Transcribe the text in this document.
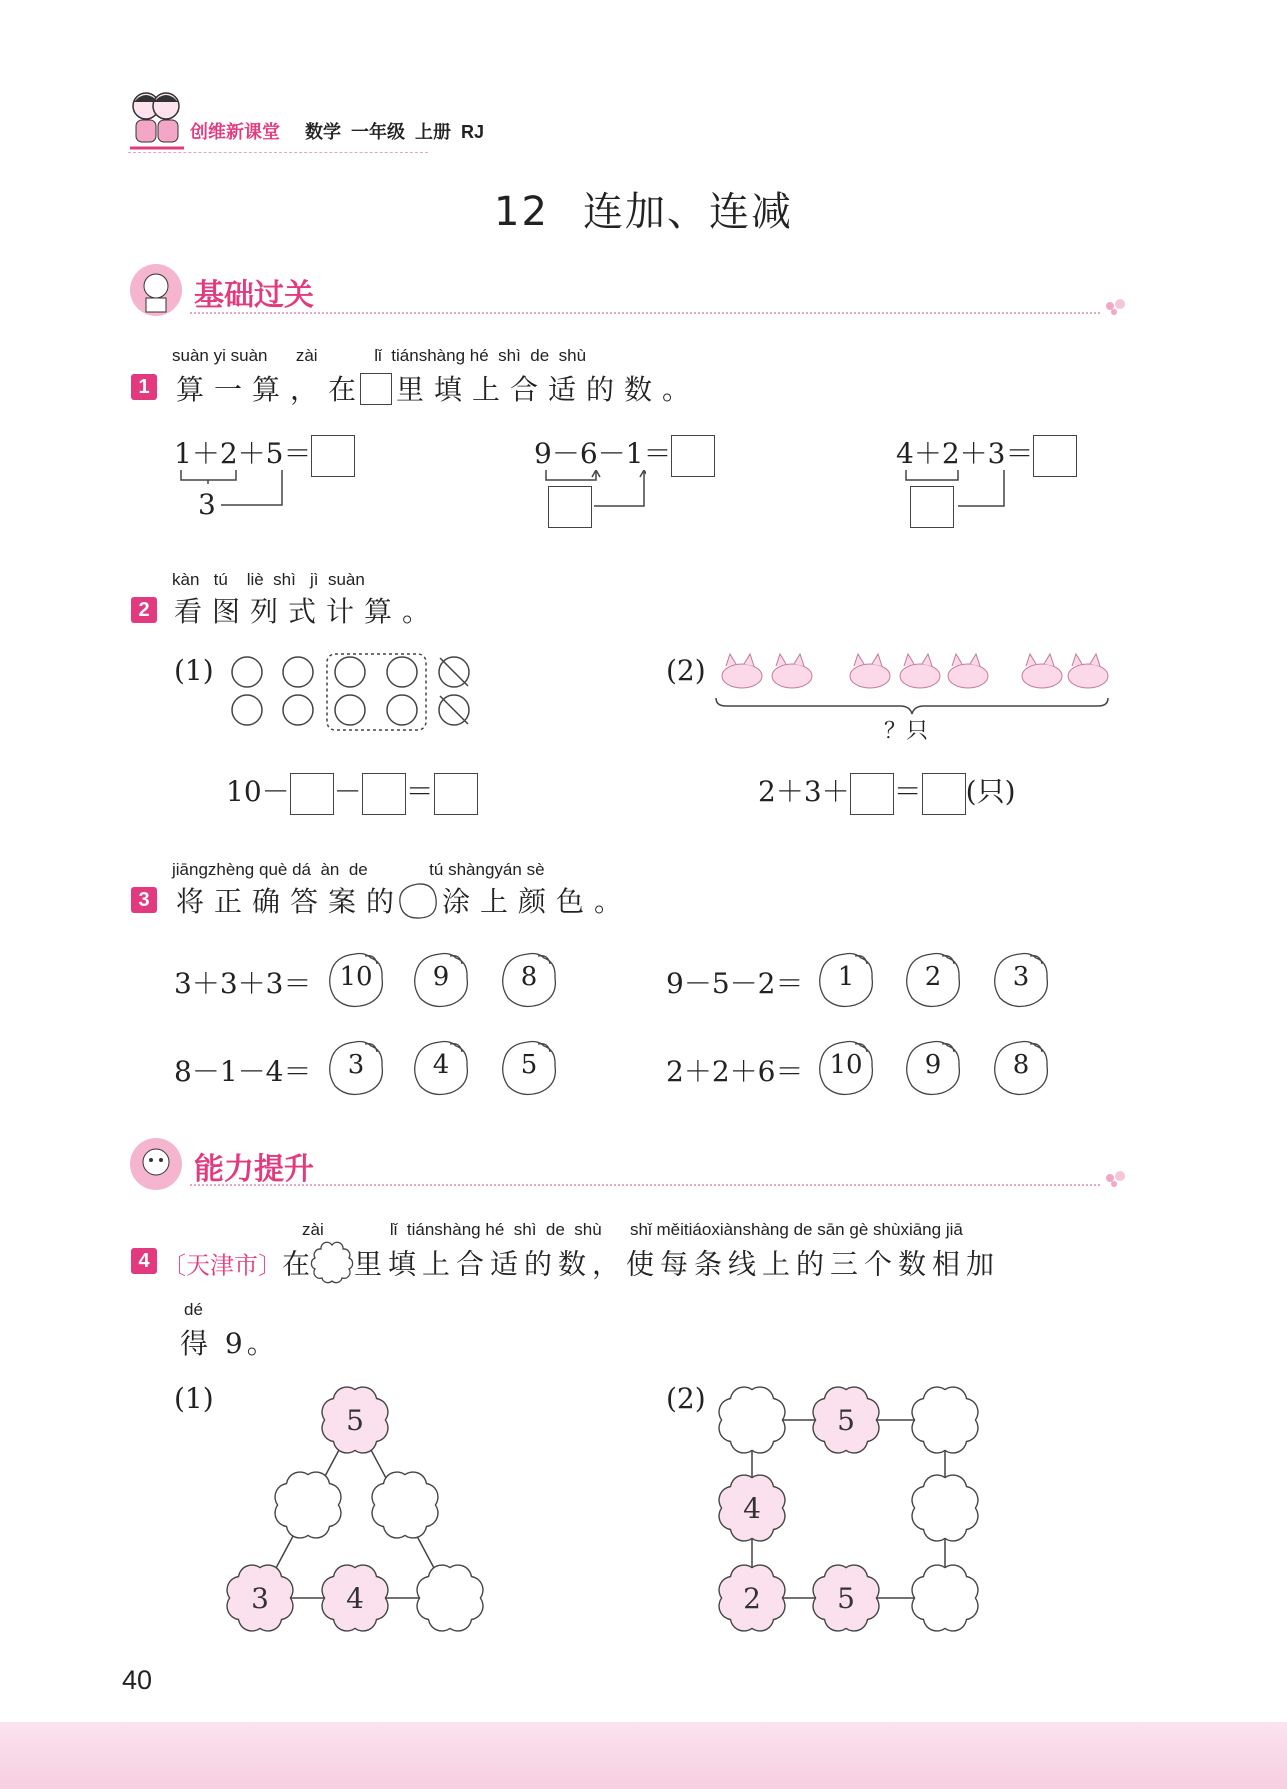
创维新课堂 数学  一年级  上册  RJ
12 连加、连减
基础过关
suàn yi suàn zài	lǐ tiánshàng hé shì de shù
1 算一算，在 里填上合适的数。
1＋2＋5＝
3
9－6－1＝	4＋2＋3＝
kàn tú liè shì jì suàn
2 看图列式计算。
(1)
10－ － ＝
(2)
？只
2＋3＋ ＝ (只)
jiāngzhèng què dá àn de	tú shàngyán sè
3 将正确答案的 涂上颜色。
3＋3＋3＝	10	9	8	9－5－2＝	1	2	3
8－1－4＝	3	4	5	2＋2＋6＝	10	9	8
能力提升
zài	lǐ tiánshàng hé shì de shù shǐ měitiáoxiànshàng de sān gè shùxiāng jiā
4 〔天津市〕在 里填上合适的数，使每条线上的三个数相加
dé
得 9。
(1)	(2)
5
3	4
5
4
2	5
40
